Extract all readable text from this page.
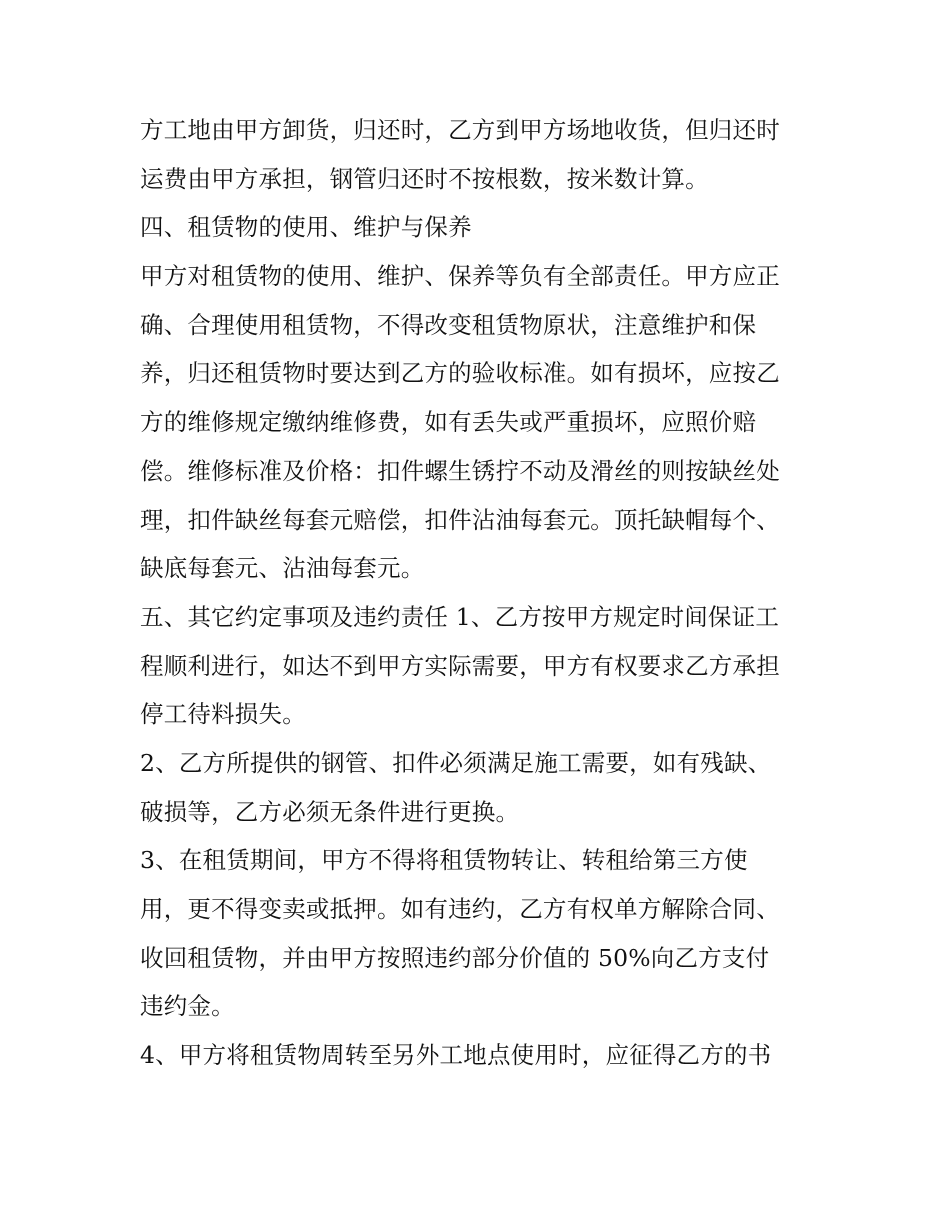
方工地由甲方卸货，归还时，乙方到甲方场地收货，但归还时
运费由甲方承担，钢管归还时不按根数，按米数计算。
四、租赁物的使用、维护与保养
甲方对租赁物的使用、维护、保养等负有全部责任。甲方应正
确、合理使用租赁物，不得改变租赁物原状，注意维护和保
养，归还租赁物时要达到乙方的验收标准。如有损坏，应按乙
方的维修规定缴纳维修费，如有丢失或严重损坏，应照价赔
偿。维修标准及价格：扣件螺生锈拧不动及滑丝的则按缺丝处
理，扣件缺丝每套元赔偿，扣件沾油每套元。顶托缺帽每个、
缺底每套元、沾油每套元。
五、其它约定事项及违约责任 1、乙方按甲方规定时间保证工
程顺利进行，如达不到甲方实际需要，甲方有权要求乙方承担
停工待料损失。
2、乙方所提供的钢管、扣件必须满足施工需要，如有残缺、
破损等，乙方必须无条件进行更换。
3、在租赁期间，甲方不得将租赁物转让、转租给第三方使
用，更不得变卖或抵押。如有违约，乙方有权单方解除合同、
收回租赁物，并由甲方按照违约部分价值的 50%向乙方支付
违约金。
4、甲方将租赁物周转至另外工地点使用时，应征得乙方的书
